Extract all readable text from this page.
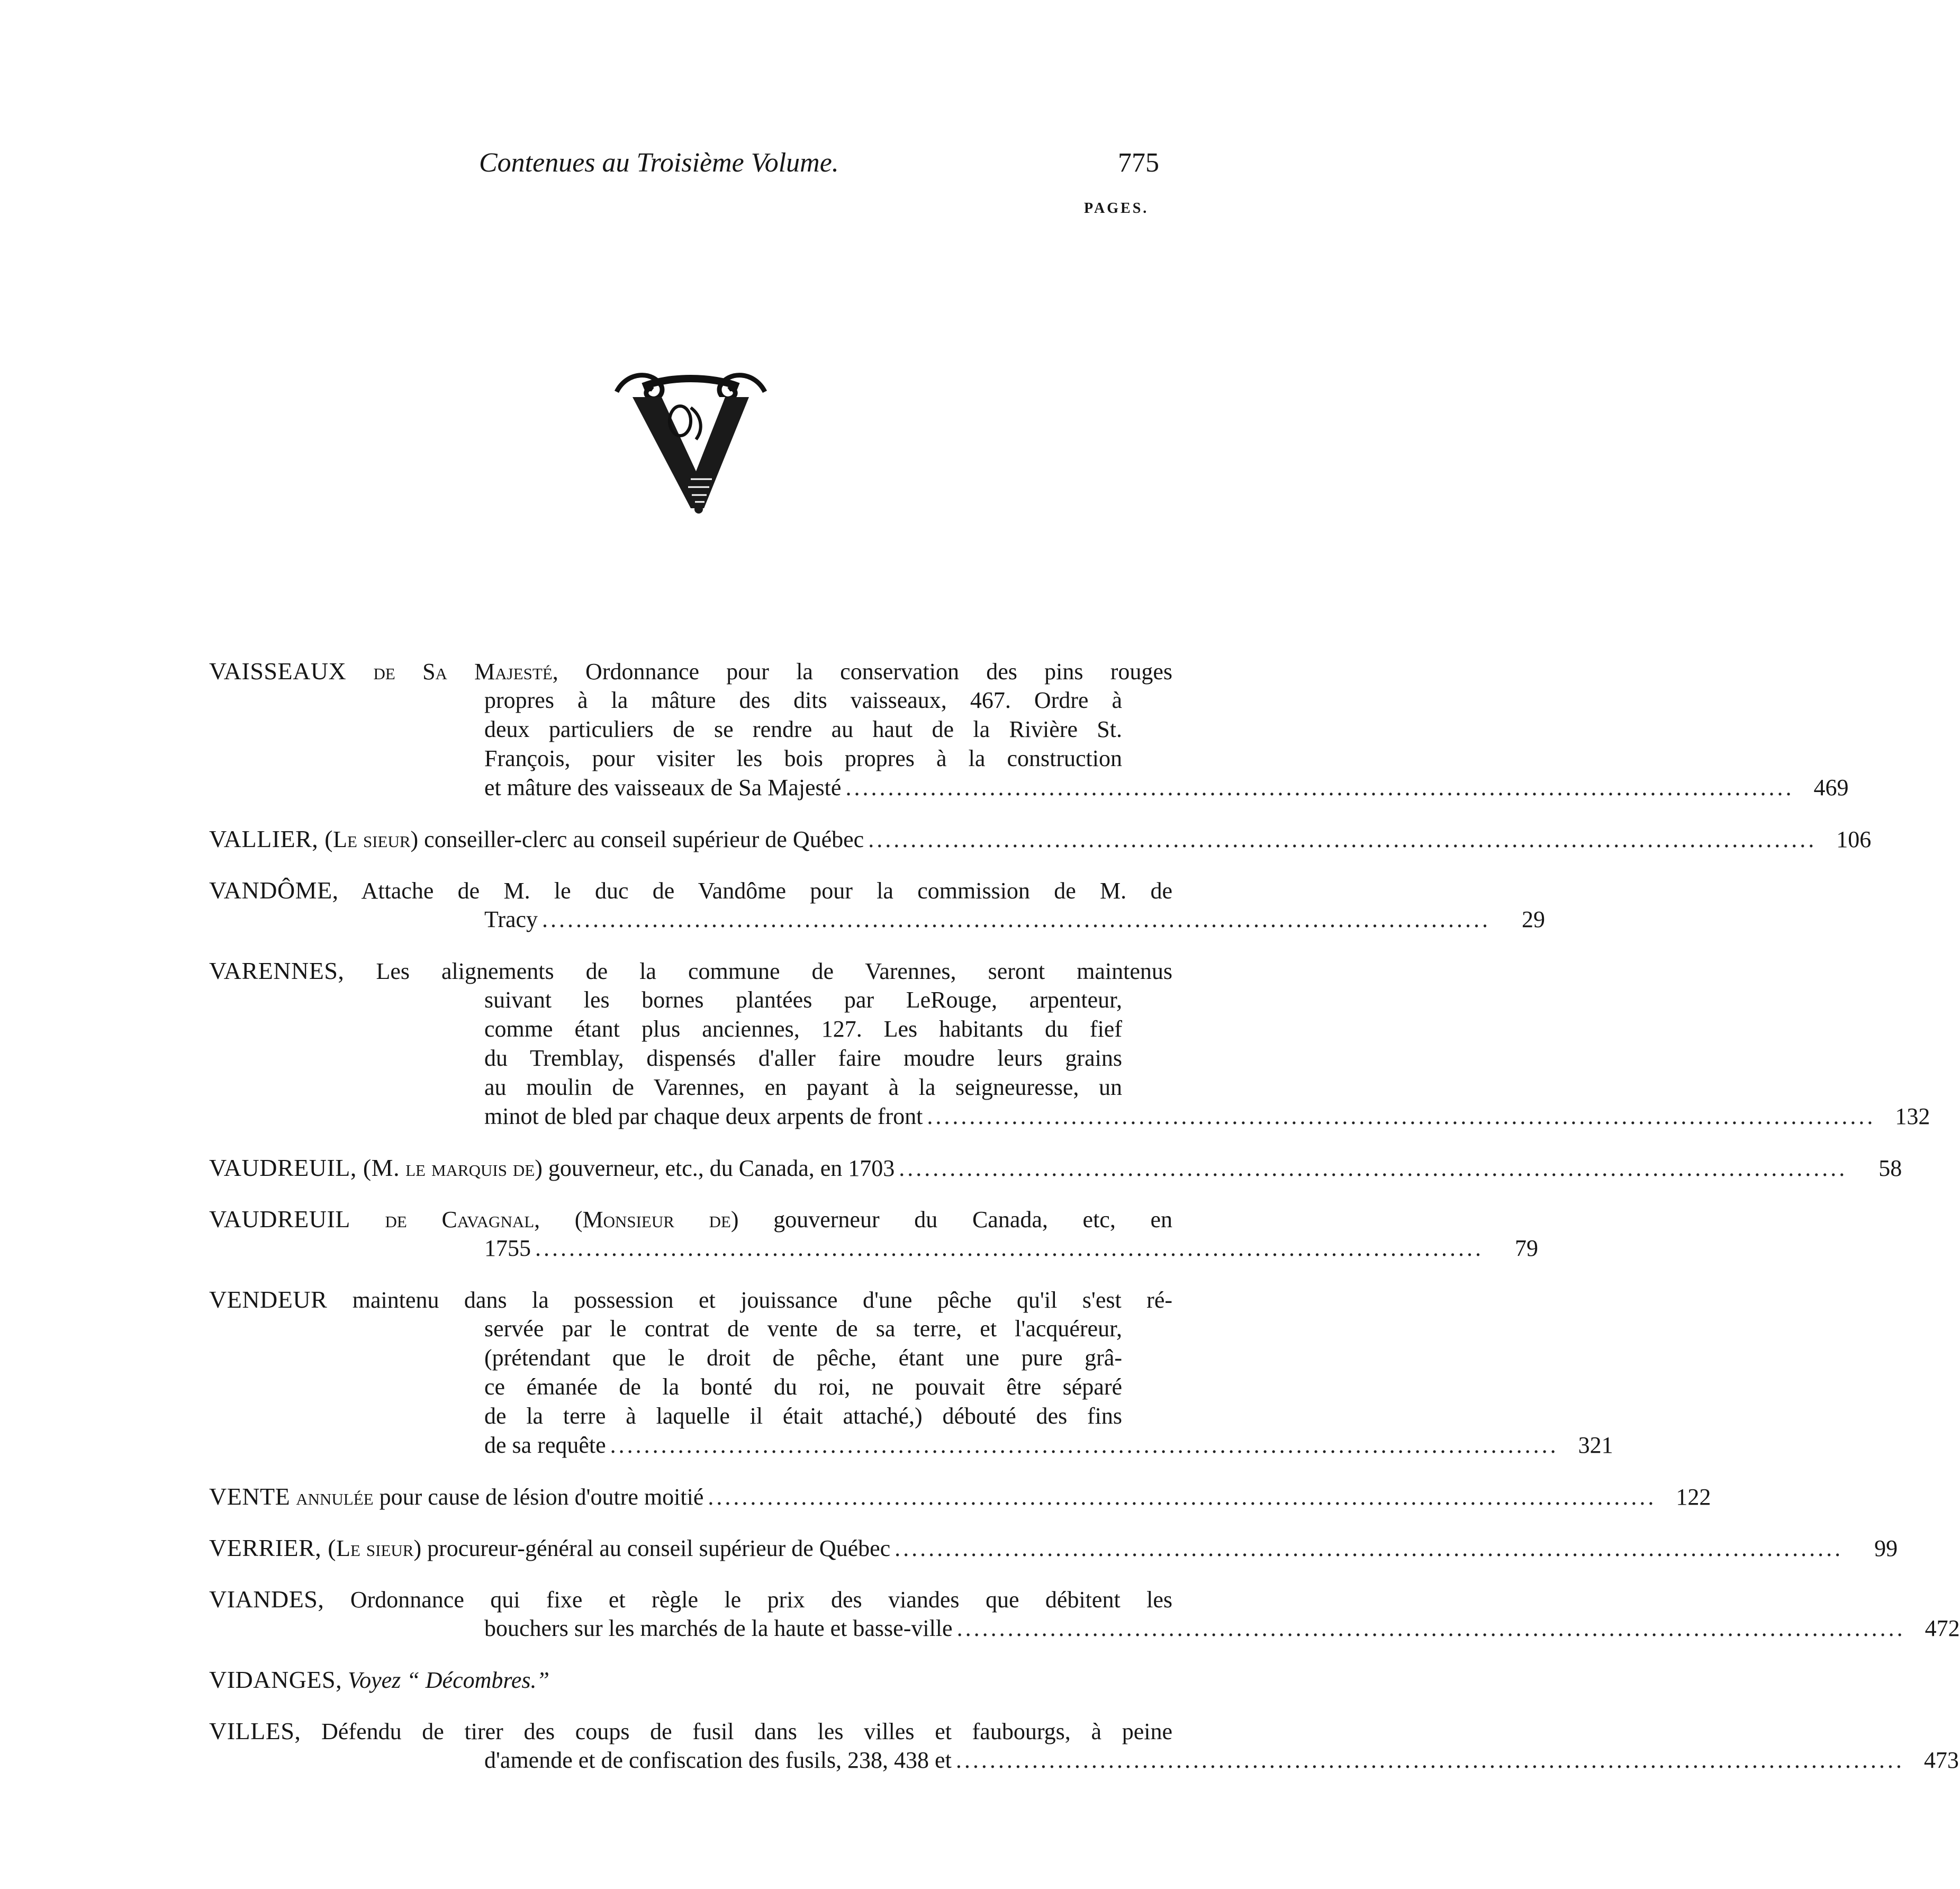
Contenues au Troisième Volume.	775
PAGES.
VAISSEAUX de Sa Majesté, Ordonnance pour la conservation des pins rouges
propres à la mâture des dits vaisseaux, 467. Ordre à
deux particuliers de se rendre au haut de la Rivière St.
François, pour visiter les bois propres à la construction
et mâture des vaisseaux de Sa Majesté ................................................................................................................ 469
VALLIER, (Le sieur) conseiller-clerc au conseil supérieur de Québec ................................................................................................................ 106
VANDÔME, Attache de M. le duc de Vandôme pour la commission de M. de
Tracy ................................................................................................................	29
VARENNES, Les alignements de la commune de Varennes, seront maintenus
suivant les bornes plantées par LeRouge, arpenteur,
comme étant plus anciennes, 127. Les habitants du fief
du Tremblay, dispensés d'aller faire moudre leurs grains
au moulin de Varennes, en payant à la seigneuresse, un
minot de bled par chaque deux arpents de front ................................................................................................................ 132
VAUDREUIL, (M. le marquis de) gouverneur, etc., du Canada, en 1703 ................................................................................................................	58
VAUDREUIL de Cavagnal, (Monsieur de) gouverneur du Canada, etc, en
1755 ................................................................................................................	79
VENDEUR maintenu dans la possession et jouissance d'une pêche qu'il s'est ré-
servée par le contrat de vente de sa terre, et l'acquéreur,
(prétendant que le droit de pêche, étant une pure grâ-
ce émanée de la bonté du roi, ne pouvait être séparé
de la terre à laquelle il était attaché,) débouté des fins
de sa requête ................................................................................................................ 321
VENTE annulée pour cause de lésion d'outre moitié ................................................................................................................ 122
VERRIER, (Le sieur) procureur-général au conseil supérieur de Québec ................................................................................................................	99
VIANDES, Ordonnance qui fixe et règle le prix des viandes que débitent les
bouchers sur les marchés de la haute et basse-ville ................................................................................................................ 472
VIDANGES, Voyez “ Décombres.”
VILLES, Défendu de tirer des coups de fusil dans les villes et faubourgs, à peine
d'amende et de confiscation des fusils, 238, 438 et ................................................................................................................ 473
